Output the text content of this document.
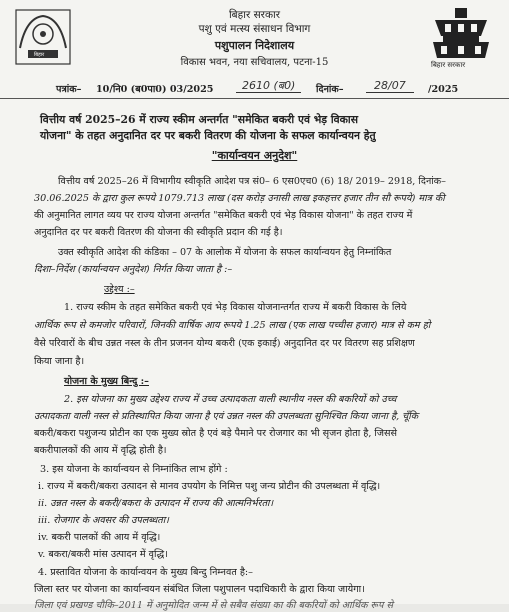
बिहार
बिहार सरकार
बिहार सरकार
पशु एवं मत्स्य संसाधन विभाग
पशुपालन निदेशालय
विकास भवन, नया सचिवालय, पटना-15
पत्रांक– 10/नि0 (ब0पा0) 03/2025	2610 (ब0)	दिनांक–	28/07	/2025
वित्तीय वर्ष 2025–26 में राज्य स्कीम अन्तर्गत "समेकित बकरी एवं भेड़ विकास
योजना" के तहत अनुदानित दर पर बकरी वितरण की योजना के सफल कार्यान्वयन हेतु
"कार्यान्वयन अनुदेश"
वित्तीय वर्ष 2025–26 में विभागीय स्वीकृति आदेश पत्र सं0– 6 एस0एच0 (6) 18/ 2019– 2918, दिनांक–
30.06.2025 के द्वारा कुल रूपये 1079.713 लाख (दस करोड़ उनासी लाख इकहत्तर हजार तीन सौ रूपये) मात्र की
की अनुमानित लागत व्यय पर राज्य योजना अन्तर्गत "समेकित बकरी एवं भेड़ विकास योजना" के तहत राज्य में
अनुदानित दर पर बकरी वितरण की योजना की स्वीकृति प्रदान की गई है।
उक्त स्वीकृति आदेश की कंडिका – 07 के आलोक में योजना के सफल कार्यान्वयन हेतु निम्नांकित
दिशा–निर्देश (कार्यान्वयन अनुदेश) निर्गत किया जाता है :–
उद्देश्य :–
1. राज्य स्कीम के तहत समेकित बकरी एवं भेड़ विकास योजनान्तर्गत राज्य में बकरी विकास के लिये
आर्थिक रूप से कमजोर परिवारों, जिनकी वार्षिक आय रूपये 1.25 लाख (एक लाख पच्चीस हजार) मात्र से कम हो
वैसे परिवारों के बीच उन्नत नस्ल के तीन प्रजनन योग्य बकरी (एक इकाई) अनुदानित दर पर वितरण सह प्रशिक्षण
किया जाना है।
योजना के मुख्य बिन्दु :–
2. इस योजना का मुख्य उद्देश्य राज्य में उच्च उत्पादकता वाली स्थानीय नस्ल की बकरियों को उच्च
उत्पादकता वाली नस्ल से प्रतिस्थापित किया जाना है एवं उन्नत नस्ल की उपलब्धता सुनिश्चित किया जाना है, चूँकि
बकरी/बकरा पशुजन्य प्रोटीन का एक मुख्य स्रोत है एवं बड़े पैमाने पर रोजगार का भी सृजन होता है, जिससे
बकरीपालकों की आय में वृद्धि होती है।
3. इस योजना के कार्यान्वयन से निम्नांकित लाभ होंगे :
i. राज्य में बकरी/बकरा उत्पादन से मानव उपयोग के निमित्त पशु जन्य प्रोटीन की उपलब्धता में वृद्धि।
ii. उन्नत नस्ल के बकरी/बकरा के उत्पादन में राज्य की आत्मनिर्भरता।
iii. रोजगार के अवसर की उपलब्धता।
iv. बकरी पालकों की आय में वृद्धि।
v. बकरा/बकरी मांस उत्पादन में वृद्धि।
4. प्रस्तावित योजना के कार्यान्वयन के मुख्य बिन्दु निम्नवत है:–
जिला स्तर पर योजना का कार्यान्वयन संबंधित जिला पशुपालन पदाधिकारी के द्वारा किया जायेगा।
जिला एवं प्रखण्ड चौकि–2011 में अनुमोदित जन्म में से सबैव संख्या का की बकरियों को आर्थिक रूप से
